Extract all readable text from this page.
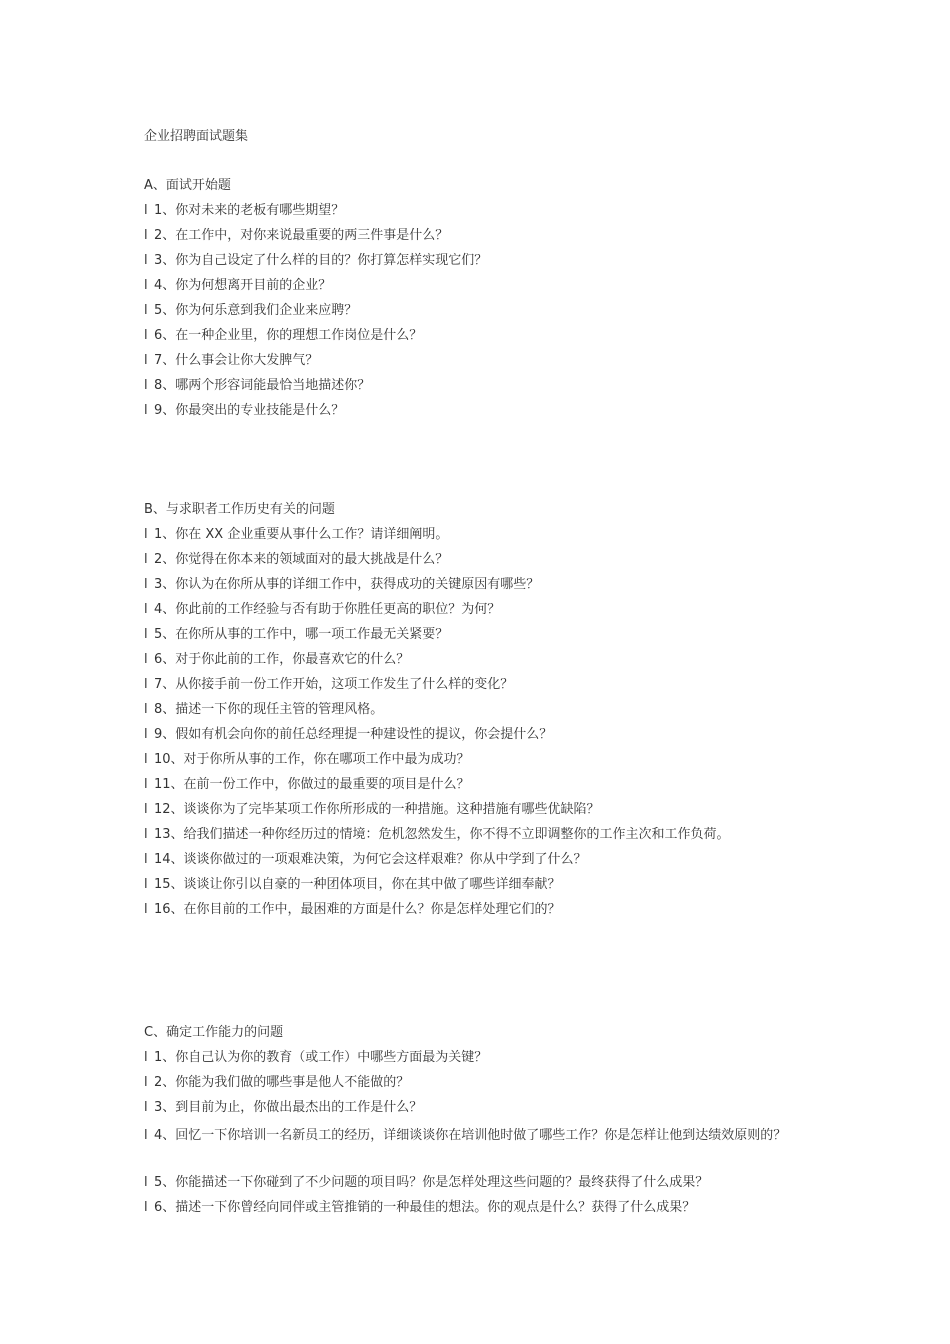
企业招聘面试题集
A、面试开始题
l 1、你对未来的老板有哪些期望？
l 2、在工作中，对你来说最重要的两三件事是什么？
l 3、你为自己设定了什么样的目的？你打算怎样实现它们？
l 4、你为何想离开目前的企业？
l 5、你为何乐意到我们企业来应聘？
l 6、在一种企业里，你的理想工作岗位是什么？
l 7、什么事会让你大发脾气？
l 8、哪两个形容词能最恰当地描述你？
l 9、你最突出的专业技能是什么？
B、与求职者工作历史有关的问题
l 1、你在 XX 企业重要从事什么工作？请详细阐明。
l 2、你觉得在你本来的领域面对的最大挑战是什么？
l 3、你认为在你所从事的详细工作中，获得成功的关键原因有哪些？
l 4、你此前的工作经验与否有助于你胜任更高的职位？为何？
l 5、在你所从事的工作中，哪一项工作最无关紧要？
l 6、对于你此前的工作，你最喜欢它的什么？
l 7、从你接手前一份工作开始，这项工作发生了什么样的变化？
l 8、描述一下你的现任主管的管理风格。
l 9、假如有机会向你的前任总经理提一种建设性的提议，你会提什么？
l 10、对于你所从事的工作，你在哪项工作中最为成功？
l 11、在前一份工作中，你做过的最重要的项目是什么？
l 12、谈谈你为了完毕某项工作你所形成的一种措施。这种措施有哪些优缺陷？
l 13、给我们描述一种你经历过的情境：危机忽然发生，你不得不立即调整你的工作主次和工作负荷。
l 14、谈谈你做过的一项艰难决策，为何它会这样艰难？你从中学到了什么？
l 15、谈谈让你引以自豪的一种团体项目，你在其中做了哪些详细奉献？
l 16、在你目前的工作中，最困难的方面是什么？你是怎样处理它们的？
C、确定工作能力的问题
l 1、你自己认为你的教育（或工作）中哪些方面最为关键？
l 2、你能为我们做的哪些事是他人不能做的？
l 3、到目前为止，你做出最杰出的工作是什么？
l 4、回忆一下你培训一名新员工的经历，详细谈谈你在培训他时做了哪些工作？你是怎样让他到达绩效原则的？
l 5、你能描述一下你碰到了不少问题的项目吗？你是怎样处理这些问题的？最终获得了什么成果？
l 6、描述一下你曾经向同伴或主管推销的一种最佳的想法。你的观点是什么？获得了什么成果？
